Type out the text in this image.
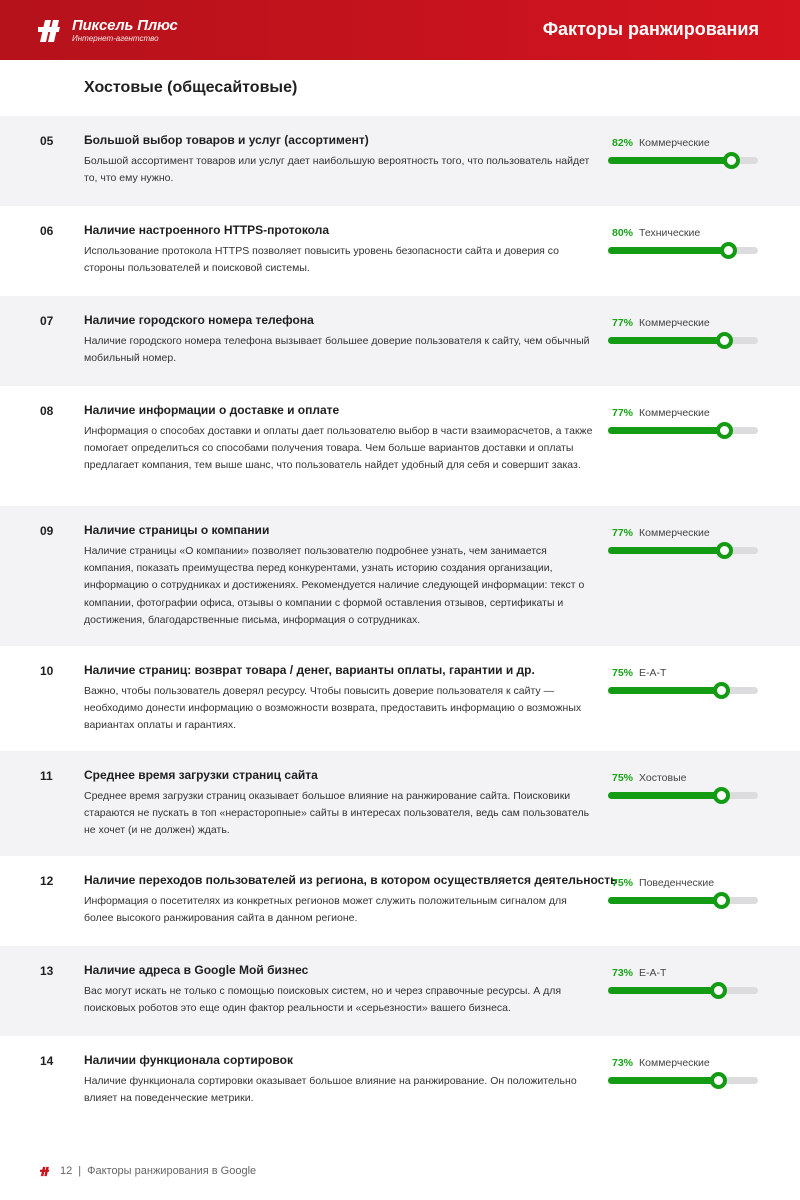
Пиксель Плюс
Интернет-агентство	Факторы ранжирования
Хостовые (общесайтовые)
05	Большой выбор товаров и услуг (ассортимент)
Большой ассортимент товаров или услуг дает наибольшую вероятность того, что пользователь найдет то, что ему нужно.
82% Коммерческие
06	Наличие настроенного HTTPS-протокола
Использование протокола HTTPS позволяет повысить уровень безопасности сайта и доверия со стороны пользователей и поисковой системы.
80% Технические
07	Наличие городского номера телефона
Наличие городского номера телефона вызывает большее доверие пользователя к сайту, чем обычный мобильный номер.
77% Коммерческие
08	Наличие информации о доставке и оплате
Информация о способах доставки и оплаты дает пользователю выбор в части взаиморасчетов, а также помогает определиться со способами получения товара. Чем больше вариантов доставки и оплаты предлагает компания, тем выше шанс, что пользователь найдет удобный для себя и совершит заказ.
77% Коммерческие
09	Наличие страницы о компании
Наличие страницы «О компании» позволяет пользователю подробнее узнать, чем занимается компания, показать преимущества перед конкурентами, узнать историю создания организации, информацию о сотрудниках и достижениях. Рекомендуется наличие следующей информации: текст о компании, фотографии офиса, отзывы о компании с формой оставления отзывов, сертификаты и достижения, благодарственные письма, информация о сотрудниках.
77% Коммерческие
10	Наличие страниц: возврат товара / денег, варианты оплаты, гарантии и др.
Важно, чтобы пользователь доверял ресурсу. Чтобы повысить доверие пользователя к сайту — необходимо донести информацию о возможности возврата, предоставить информацию о возможных вариантах оплаты и гарантиях.
75% E-A-T
11	Среднее время загрузки страниц сайта
Среднее время загрузки страниц оказывает большое влияние на ранжирование сайта. Поисковики стараются не пускать в топ «нерасторопные» сайты в интересах пользователя, ведь сам пользователь не хочет (и не должен) ждать.
75% Хостовые
12	Наличие переходов пользователей из региона, в котором осуществляется деятельность
Информация о посетителях из конкретных регионов может служить положительным сигналом для более высокого ранжирования сайта в данном регионе.
75% Поведенческие
13	Наличие адреса в Google Мой бизнес
Вас могут искать не только с помощью поисковых систем, но и через справочные ресурсы. А для поисковых роботов это еще один фактор реальности и «серьезности» вашего бизнеса.
73% E-A-T
14	Наличии функционала сортировок
Наличие функционала сортировки оказывает большое влияние на ранжирование. Он положительно влияет на поведенческие метрики.
73% Коммерческие
12 | Факторы ранжирования в Google
